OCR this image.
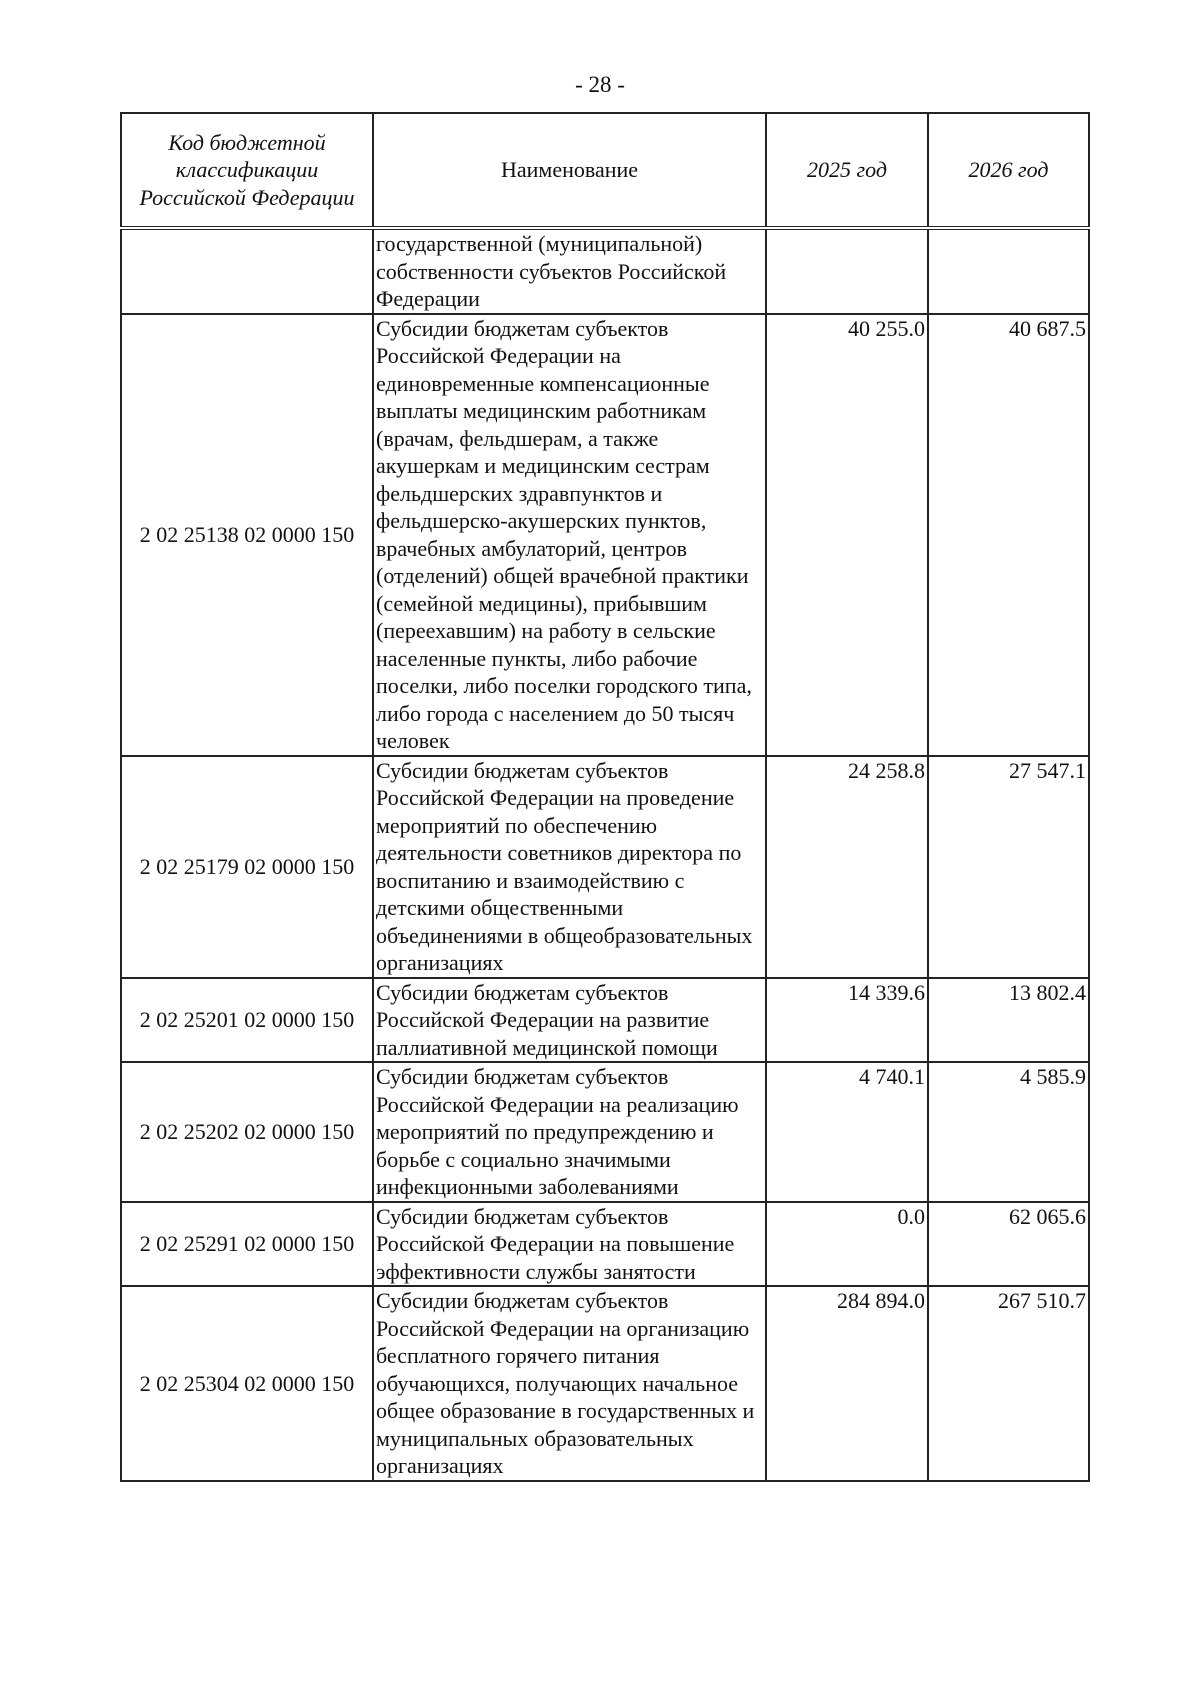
- 28 -
Код бюджетной классификации Российской Федерации	Наименование	2025 год	2026 год
	государственной (муниципальной) собственности субъектов Российской Федерации		
2 02 25138 02 0000 150	Субсидии бюджетам субъектов Российской Федерации на единовременные компенсационные выплаты медицинским работникам (врачам, фельдшерам, а также акушеркам и медицинским сестрам фельдшерских здравпунктов и фельдшерско-акушерских пунктов, врачебных амбулаторий, центров (отделений) общей врачебной практики (семейной медицины), прибывшим (переехавшим) на работу в сельские населенные пункты, либо рабочие поселки, либо поселки городского типа, либо города с населением до 50 тысяч человек	40 255.0	40 687.5
2 02 25179 02 0000 150	Субсидии бюджетам субъектов Российской Федерации на проведение мероприятий по обеспечению деятельности советников директора по воспитанию и взаимодействию с детскими общественными объединениями в общеобразовательных организациях	24 258.8	27 547.1
2 02 25201 02 0000 150	Субсидии бюджетам субъектов Российской Федерации на развитие паллиативной медицинской помощи	14 339.6	13 802.4
2 02 25202 02 0000 150	Субсидии бюджетам субъектов Российской Федерации на реализацию мероприятий по предупреждению и борьбе с социально значимыми инфекционными заболеваниями	4 740.1	4 585.9
2 02 25291 02 0000 150	Субсидии бюджетам субъектов Российской Федерации на повышение эффективности службы занятости	0.0	62 065.6
2 02 25304 02 0000 150	Субсидии бюджетам субъектов Российской Федерации на организацию бесплатного горячего питания обучающихся, получающих начальное общее образование в государственных и муниципальных образовательных организациях	284 894.0	267 510.7
